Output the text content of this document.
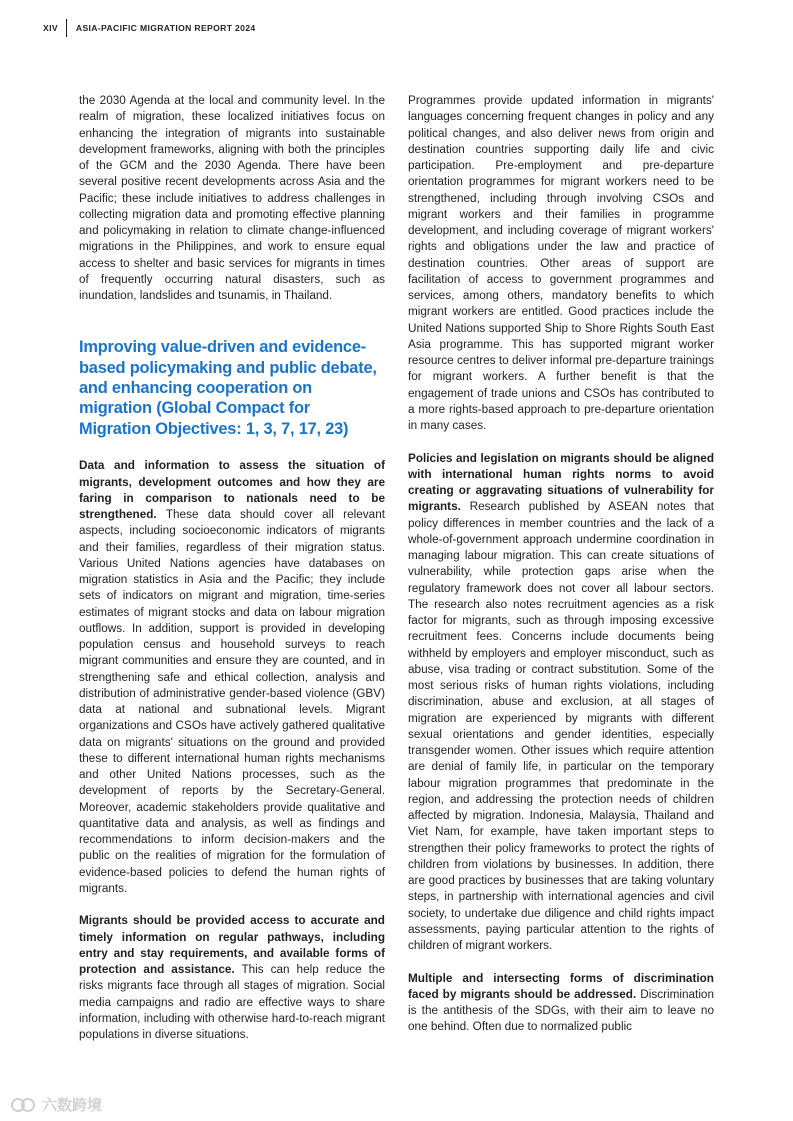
XIV ASIA-PACIFIC MIGRATION REPORT 2024

the 2030 Agenda at the local and community level. In the realm of migration, these localized initiatives focus on enhancing the integration of migrants into sustainable development frameworks, aligning with both the principles of the GCM and the 2030 Agenda. There have been several positive recent developments across Asia and the Pacific; these include initiatives to address challenges in collecting migration data and promoting effective planning and policymaking in relation to climate change-influenced migrations in the Philippines, and work to ensure equal access to shelter and basic services for migrants in times of frequently occurring natural disasters, such as inundation, landslides and tsunamis, in Thailand.

Improving value-driven and evidence-based policymaking and public debate, and enhancing cooperation on migration (Global Compact for Migration Objectives: 1, 3, 7, 17, 23)

Data and information to assess the situation of migrants, development outcomes and how they are faring in comparison to nationals need to be strengthened. These data should cover all relevant aspects, including socioeconomic indicators of migrants and their families, regardless of their migration status. Various United Nations agencies have databases on migration statistics in Asia and the Pacific; they include sets of indicators on migrant and migration, time-series estimates of migrant stocks and data on labour migration outflows. In addition, support is provided in developing population census and household surveys to reach migrant communities and ensure they are counted, and in strengthening safe and ethical collection, analysis and distribution of administrative gender-based violence (GBV) data at national and subnational levels. Migrant organizations and CSOs have actively gathered qualitative data on migrants' situations on the ground and provided these to different international human rights mechanisms and other United Nations processes, such as the development of reports by the Secretary-General. Moreover, academic stakeholders provide qualitative and quantitative data and analysis, as well as findings and recommendations to inform decision-makers and the public on the realities of migration for the formulation of evidence-based policies to defend the human rights of migrants.

Migrants should be provided access to accurate and timely information on regular pathways, including entry and stay requirements, and available forms of protection and assistance. This can help reduce the risks migrants face through all stages of migration. Social media campaigns and radio are effective ways to share information, including with otherwise hard-to-reach migrant populations in diverse situations.

Programmes provide updated information in migrants' languages concerning frequent changes in policy and any political changes, and also deliver news from origin and destination countries supporting daily life and civic participation. Pre-employment and pre-departure orientation programmes for migrant workers need to be strengthened, including through involving CSOs and migrant workers and their families in programme development, and including coverage of migrant workers' rights and obligations under the law and practice of destination countries. Other areas of support are facilitation of access to government programmes and services, among others, mandatory benefits to which migrant workers are entitled. Good practices include the United Nations supported Ship to Shore Rights South East Asia programme. This has supported migrant worker resource centres to deliver informal pre-departure trainings for migrant workers. A further benefit is that the engagement of trade unions and CSOs has contributed to a more rights-based approach to pre-departure orientation in many cases.

Policies and legislation on migrants should be aligned with international human rights norms to avoid creating or aggravating situations of vulnerability for migrants. Research published by ASEAN notes that policy differences in member countries and the lack of a whole-of-government approach undermine coordination in managing labour migration. This can create situations of vulnerability, while protection gaps arise when the regulatory framework does not cover all labour sectors. The research also notes recruitment agencies as a risk factor for migrants, such as through imposing excessive recruitment fees. Concerns include documents being withheld by employers and employer misconduct, such as abuse, visa trading or contract substitution. Some of the most serious risks of human rights violations, including discrimination, abuse and exclusion, at all stages of migration are experienced by migrants with different sexual orientations and gender identities, especially transgender women. Other issues which require attention are denial of family life, in particular on the temporary labour migration programmes that predominate in the region, and addressing the protection needs of children affected by migration. Indonesia, Malaysia, Thailand and Viet Nam, for example, have taken important steps to strengthen their policy frameworks to protect the rights of children from violations by businesses. In addition, there are good practices by businesses that are taking voluntary steps, in partnership with international agencies and civil society, to undertake due diligence and child rights impact assessments, paying particular attention to the rights of children of migrant workers.

Multiple and intersecting forms of discrimination faced by migrants should be addressed. Discrimination is the antithesis of the SDGs, with their aim to leave no one behind. Often due to normalized public

六数跨境
